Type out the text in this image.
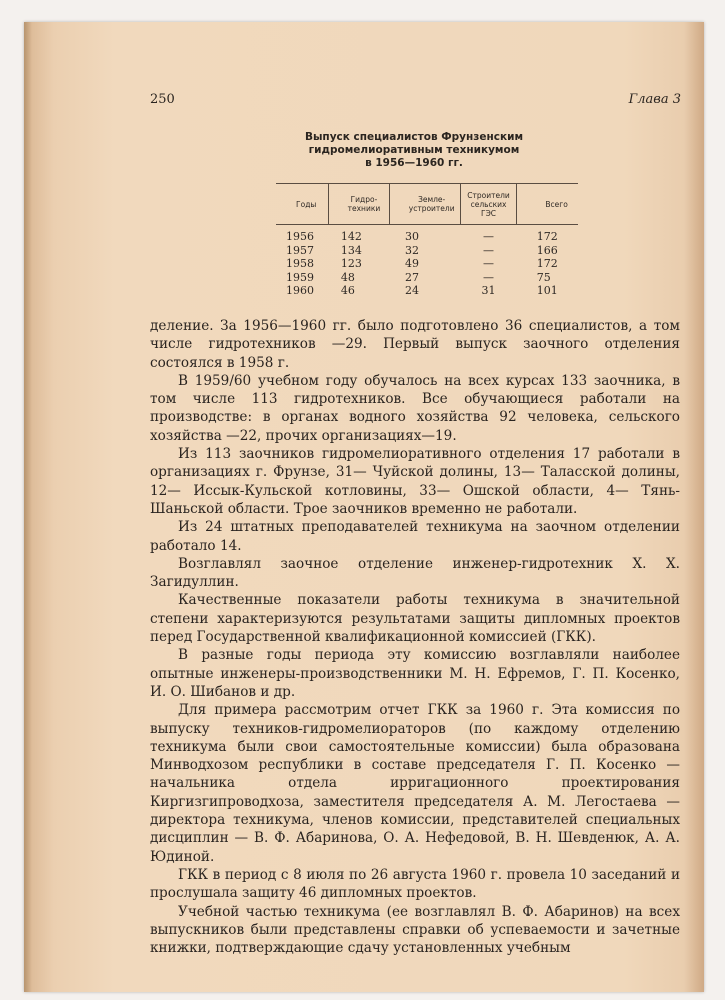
250	Глава 3
Выпуск специалистов Фрунзенским
гидромелиоративным техникумом
в 1956—1960 гг.
Годы	Гидро-техники	Земле-устроители	Строители сельских ГЭС	Всего
1956	142	30	—	172
1957	134	32	—	166
1958	123	49	—	172
1959	48	27	—	75
1960	46	24	31	101

деление. За 1956—1960 гг. было подготовлено 36 специалистов, а том числе гидротехников —29. Первый выпуск заочного отделения состоялся в 1958 г.

В 1959/60 учебном году обучалось на всех курсах 133 заочника, в том числе 113 гидротехников. Все обучающиеся работали на производстве: в органах водного хозяйства 92 человека, сельского хозяйства —22, прочих организациях—19.

Из 113 заочников гидромелиоративного отделения 17 работали в организациях г. Фрунзе, 31— Чуйской долины, 13— Таласской долины, 12— Иссык-Кульской котловины, 33— Ошской области, 4— Тянь-Шаньской области. Трое заочников временно не работали.

Из 24 штатных преподавателей техникума на заочном отделении работало 14.

Возглавлял заочное отделение инженер-гидротехник Х. Х. Загидуллин.

Качественные показатели работы техникума в значительной степени характеризуются результатами защиты дипломных проектов перед Государственной квалификационной комиссией (ГКК).

В разные годы периода эту комиссию возглавляли наиболее опытные инженеры-производственники М. Н. Ефремов, Г. П. Косенко, И. О. Шибанов и др.

Для примера рассмотрим отчет ГКК за 1960 г. Эта комиссия по выпуску техников-гидромелиораторов (по каждому отделению техникума были свои самостоятельные комиссии) была образована Минводхозом республики в составе председателя Г. П. Косенко — начальника отдела ирригационного проектирования Киргизгипроводхоза, заместителя председателя А. М. Легостаева — директора техникума, членов комиссии, представителей специальных дисциплин — В. Ф. Абаринова, О. А. Нефедовой, В. Н. Шевденюк, А. А. Юдиной.

ГКК в период с 8 июля по 26 августа 1960 г. провела 10 заседаний и прослушала защиту 46 дипломных проектов.

Учебной частью техникума (ее возглавлял В. Ф. Абаринов) на всех выпускников были представлены справки об успеваемости и зачетные книжки, подтверждающие сдачу установленных учебным
